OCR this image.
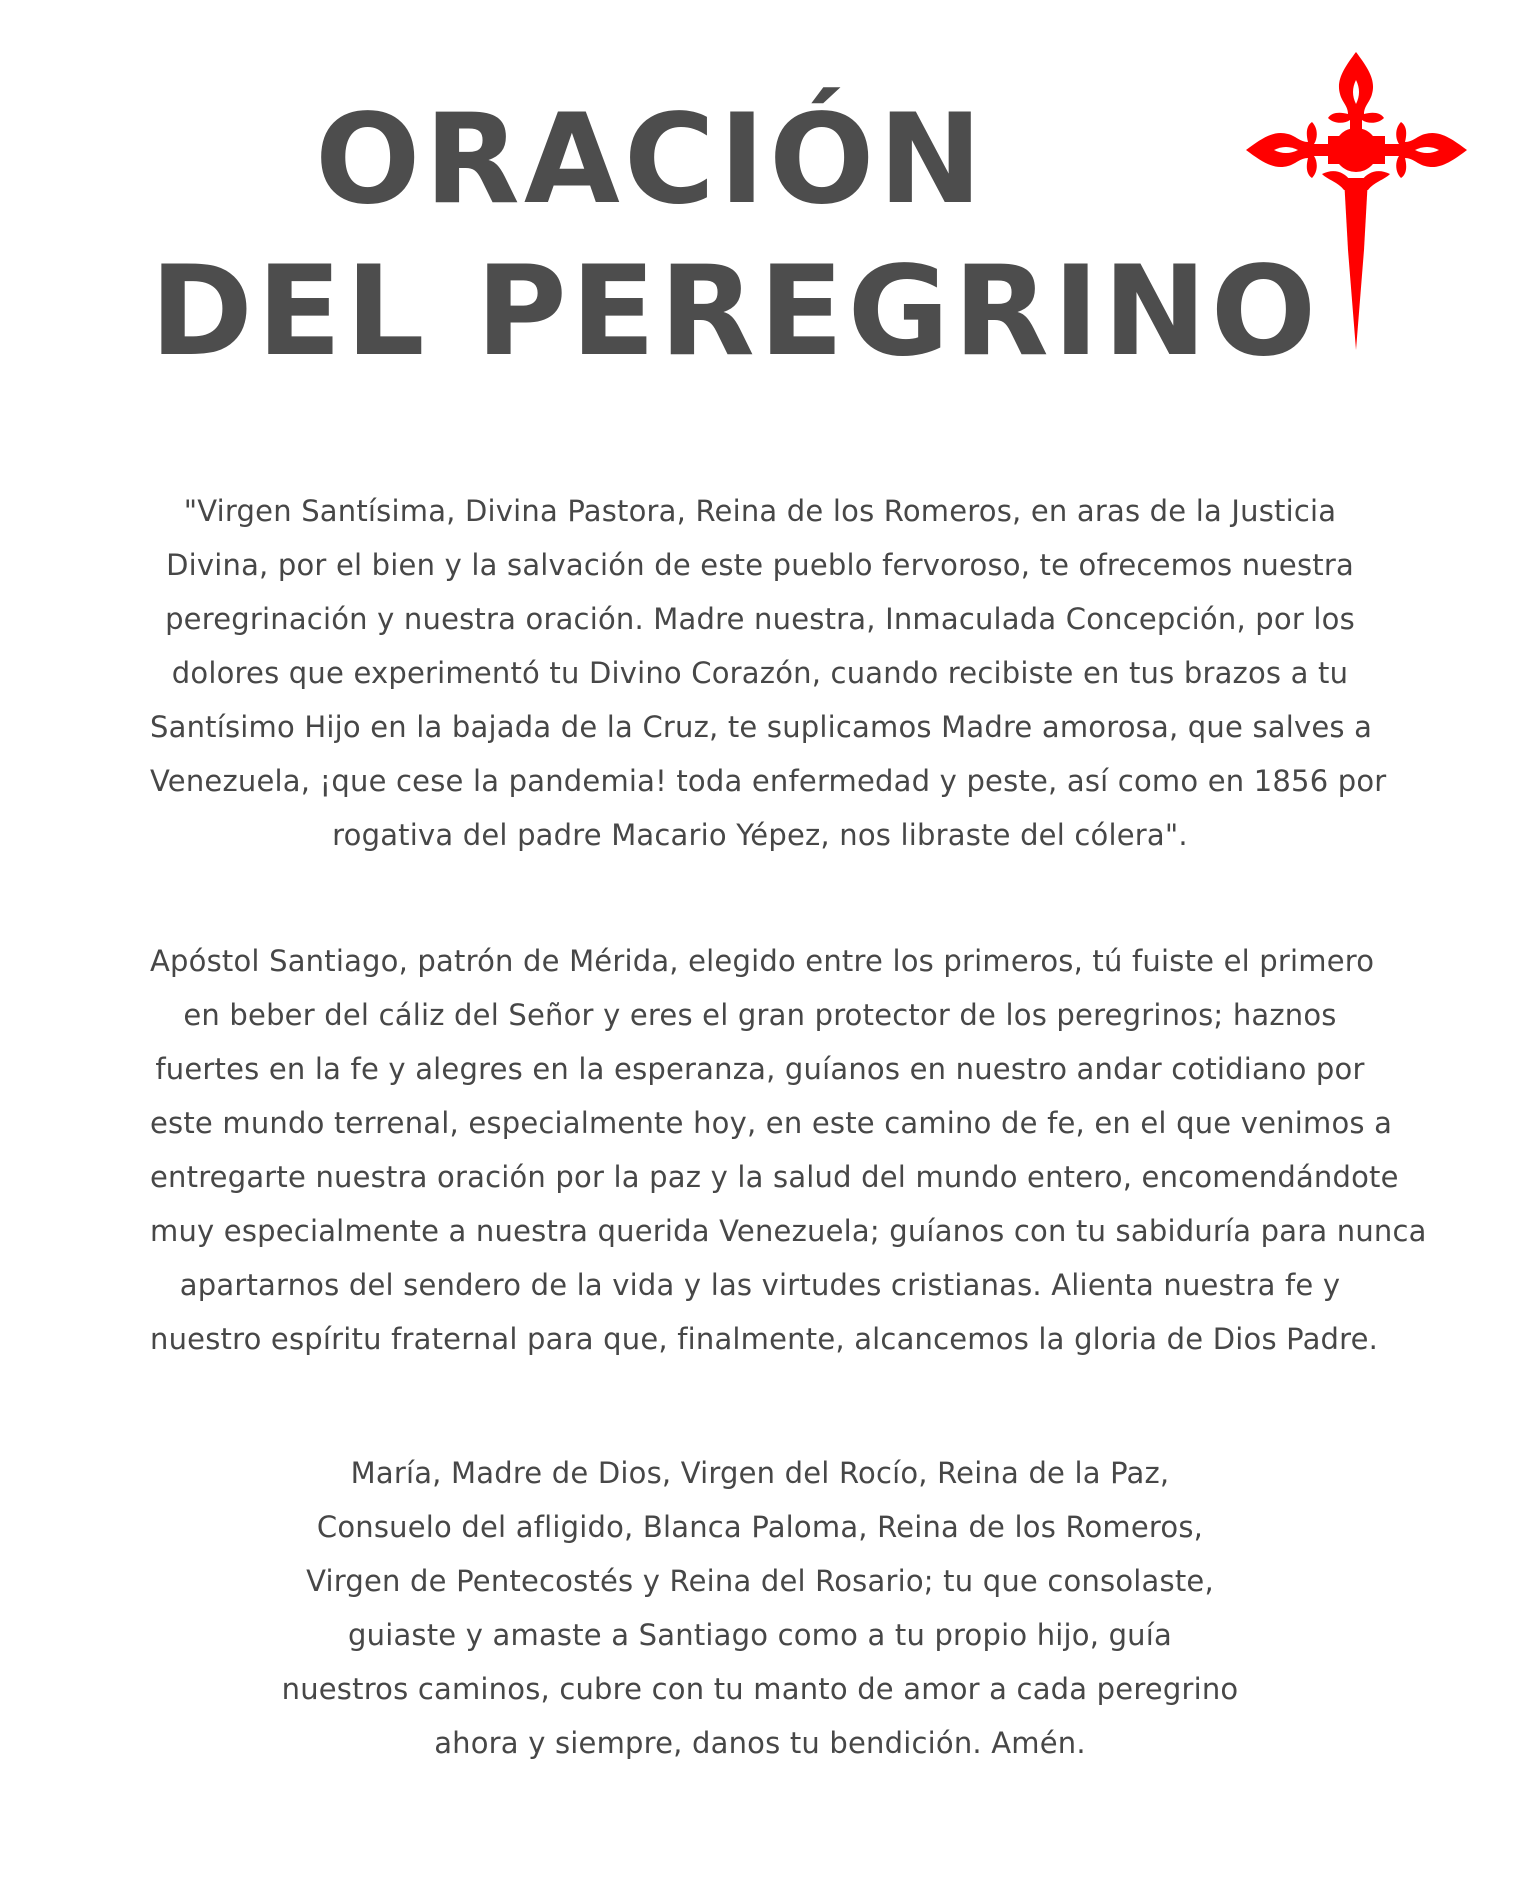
ORACIÓN
DEL PEREGRINO
"Virgen Santísima, Divina Pastora, Reina de los Romeros, en aras de la Justicia
Divina, por el bien y la salvación de este pueblo fervoroso, te ofrecemos nuestra
peregrinación y nuestra oración. Madre nuestra, Inmaculada Concepción, por los
dolores que experimentó tu Divino Corazón, cuando recibiste en tus brazos a tu
Santísimo Hijo en la bajada de la Cruz, te suplicamos Madre amorosa, que salves a
Venezuela, ¡que cese la pandemia! toda enfermedad y peste, así como en 1856 por
rogativa del padre Macario Yépez, nos libraste del cólera".
Apóstol Santiago, patrón de Mérida, elegido entre los primeros, tú fuiste el primero
en beber del cáliz del Señor y eres el gran protector de los peregrinos; haznos
fuertes en la fe y alegres en la esperanza, guíanos en nuestro andar cotidiano por
este mundo terrenal, especialmente hoy, en este camino de fe, en el que venimos a
entregarte nuestra oración por la paz y la salud del mundo entero, encomendándote
muy especialmente a nuestra querida Venezuela; guíanos con tu sabiduría para nunca
apartarnos del sendero de la vida y las virtudes cristianas. Alienta nuestra fe y
nuestro espíritu fraternal para que, finalmente, alcancemos la gloria de Dios Padre.
María, Madre de Dios, Virgen del Rocío, Reina de la Paz,
Consuelo del afligido, Blanca Paloma, Reina de los Romeros,
Virgen de Pentecostés y Reina del Rosario; tu que consolaste,
guiaste y amaste a Santiago como a tu propio hijo, guía
nuestros caminos, cubre con tu manto de amor a cada peregrino
ahora y siempre, danos tu bendición. Amén.
